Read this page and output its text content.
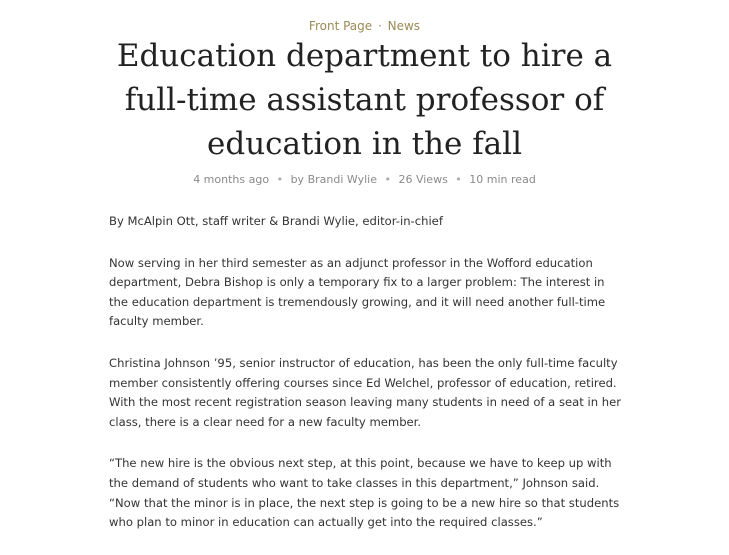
Front Page · News
Education department to hire a full-time assistant professor of education in the fall
4 months ago • by Brandi Wylie • 26 Views • 10 min read

By McAlpin Ott, staff writer & Brandi Wylie, editor-in-chief

Now serving in her third semester as an adjunct professor in the Wofford education department, Debra Bishop is only a temporary fix to a larger problem: The interest in the education department is tremendously growing, and it will need another full-time faculty member.

Christina Johnson ’95, senior instructor of education, has been the only full-time faculty member consistently offering courses since Ed Welchel, professor of education, retired. With the most recent registration season leaving many students in need of a seat in her class, there is a clear need for a new faculty member.

“The new hire is the obvious next step, at this point, because we have to keep up with the demand of students who want to take classes in this department,” Johnson said. “Now that the minor is in place, the next step is going to be a new hire so that students who plan to minor in education can actually get into the required classes.”
